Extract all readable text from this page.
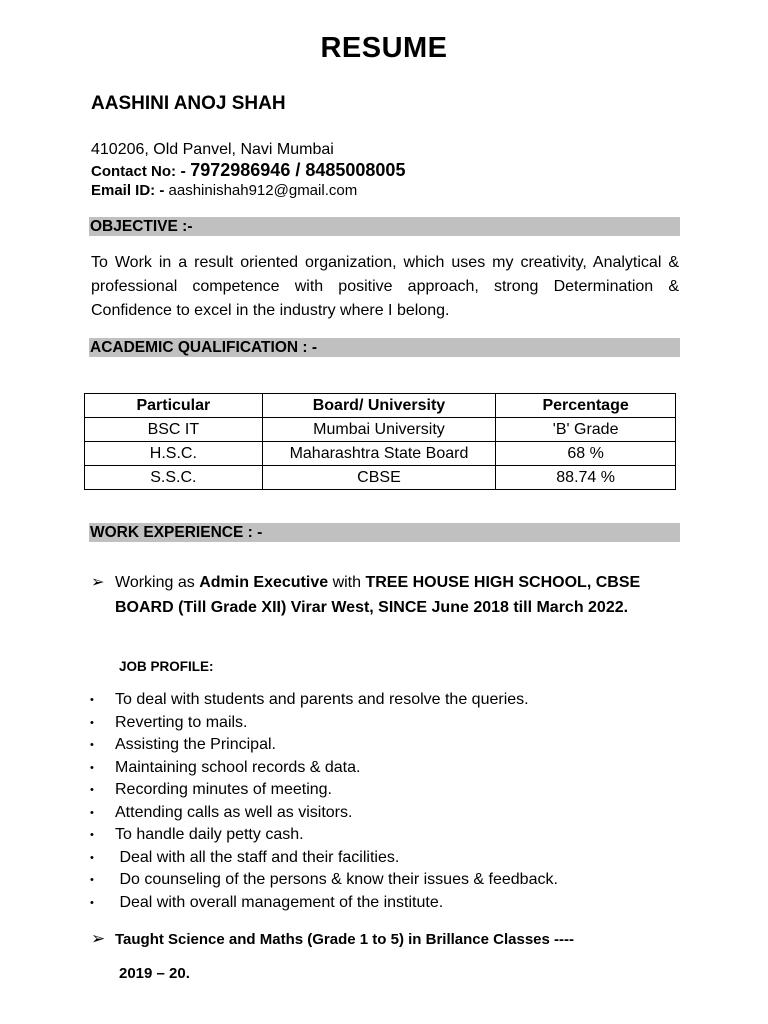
RESUME
AASHINI ANOJ SHAH
410206, Old Panvel, Navi Mumbai
Contact No: - 7972986946 / 8485008005
Email ID: - aashinishah912@gmail.com
OBJECTIVE :-
To Work in a result oriented organization, which uses my creativity, Analytical & professional competence with positive approach, strong Determination & Confidence to excel in the industry where I belong.
ACADEMIC QUALIFICATION : -
Particular	Board/ University	Percentage
BSC IT	Mumbai University	'B' Grade
H.S.C.	Maharashtra State Board	68 %
S.S.C.	CBSE	88.74 %
WORK EXPERIENCE : -
➢ Working as Admin Executive with TREE HOUSE HIGH SCHOOL, CBSE BOARD (Till Grade XII) Virar West, SINCE June 2018 till March 2022.
JOB PROFILE:
• To deal with students and parents and resolve the queries.
• Reverting to mails.
• Assisting the Principal.
• Maintaining school records & data.
• Recording minutes of meeting.
• Attending calls as well as visitors.
• To handle daily petty cash.
• Deal with all the staff and their facilities.
• Do counseling of the persons & know their issues & feedback.
• Deal with overall management of the institute.
➢ Taught Science and Maths (Grade 1 to 5) in Brillance Classes ----
2019 – 20.
